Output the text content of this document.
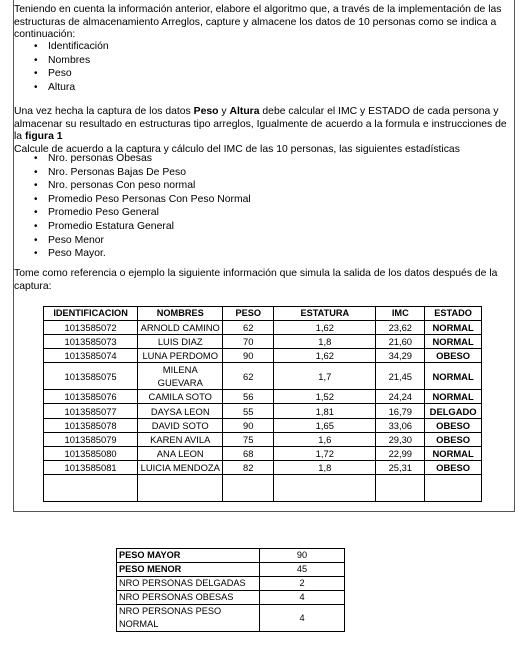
Teniendo en cuenta la información anterior, elabore el algoritmo que, a través de la implementación de las estructuras de almacenamiento Arreglos, capture y almacene los datos de 10 personas como se indica a continuación:
• Identificación
• Nombres
• Peso
• Altura
Una vez hecha la captura de los datos Peso y Altura debe calcular el IMC y ESTADO de cada persona y almacenar su resultado en estructuras tipo arreglos, Igualmente de acuerdo a la formula e instrucciones de la figura 1
Calcule de acuerdo a la captura y cálculo del IMC de las 10 personas, las siguientes estadísticas
• Nro. personas Obesas
• Nro. Personas Bajas De Peso
• Nro. personas Con peso normal
• Promedio Peso Personas Con Peso Normal
• Promedio Peso General
• Promedio Estatura General
• Peso Menor
• Peso Mayor.
Tome como referencia o ejemplo la siguiente información que simula la salida de los datos después de la captura:
IDENTIFICACION	NOMBRES	PESO	ESTATURA	IMC	ESTADO
1013585072	ARNOLD CAMINO	62	1,62	23,62	NORMAL
1013585073	LUIS DIAZ	70	1,8	21,60	NORMAL
1013585074	LUNA PERDOMO	90	1,62	34,29	OBESO
1013585075	MILENA GUEVARA	62	1,7	21,45	NORMAL
1013585076	CAMILA SOTO	56	1,52	24,24	NORMAL
1013585077	DAYSA LEON	55	1,81	16,79	DELGADO
1013585078	DAVID SOTO	90	1,65	33,06	OBESO
1013585079	KAREN AVILA	75	1,6	29,30	OBESO
1013585080	ANA LEON	68	1,72	22,99	NORMAL
1013585081	LUICIA MENDOZA	82	1,8	25,31	OBESO

PESO MAYOR	90
PESO MENOR	45
NRO PERSONAS DELGADAS	2
NRO PERSONAS OBESAS	4
NRO PERSONAS PESO NORMAL	4
